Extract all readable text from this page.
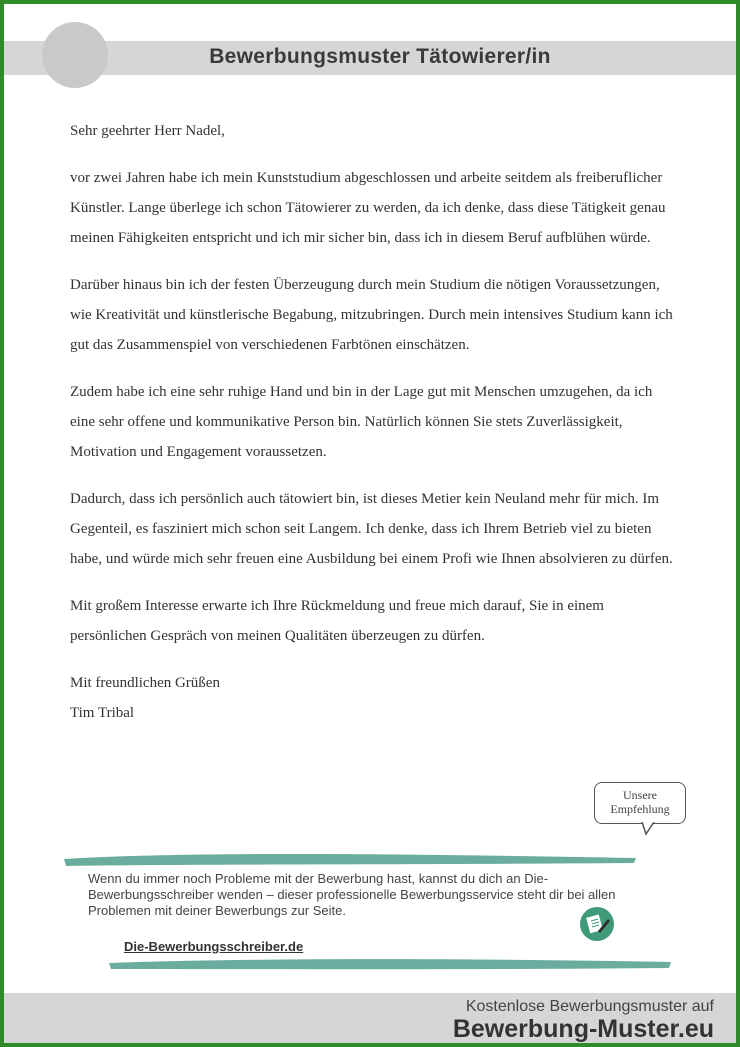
Bewerbungsmuster Tätowierer/in

Sehr geehrter Herr Nadel,

vor zwei Jahren habe ich mein Kunststudium abgeschlossen und arbeite seitdem als freiberuflicher Künstler. Lange überlege ich schon Tätowierer zu werden, da ich denke, dass diese Tätigkeit genau meinen Fähigkeiten entspricht und ich mir sicher bin, dass ich in diesem Beruf aufblühen würde.

Darüber hinaus bin ich der festen Überzeugung durch mein Studium die nötigen Voraussetzungen, wie Kreativität und künstlerische Begabung, mitzubringen. Durch mein intensives Studium kann ich gut das Zusammenspiel von verschiedenen Farbtönen einschätzen.

Zudem habe ich eine sehr ruhige Hand und bin in der Lage gut mit Menschen umzugehen, da ich eine sehr offene und kommunikative Person bin. Natürlich können Sie stets Zuverlässigkeit, Motivation und Engagement voraussetzen.

Dadurch, dass ich persönlich auch tätowiert bin, ist dieses Metier kein Neuland mehr für mich. Im Gegenteil, es fasziniert mich schon seit Langem. Ich denke, dass ich Ihrem Betrieb viel zu bieten habe, und würde mich sehr freuen eine Ausbildung bei einem Profi wie Ihnen absolvieren zu dürfen.

Mit großem Interesse erwarte ich Ihre Rückmeldung und freue mich darauf, Sie in einem persönlichen Gespräch von meinen Qualitäten überzeugen zu dürfen.

Mit freundlichen Grüßen

Tim Tribal

Unsere
Empfehlung
Wenn du immer noch Probleme mit der Bewerbung hast, kannst du dich an Die-Bewerbungsschreiber wenden – dieser professionelle Bewerbungsservice steht dir bei allen Problemen mit deiner Bewerbungs zur Seite.
Die-Bewerbungsschreiber.de
Kostenlose Bewerbungsmuster auf
Bewerbung-Muster.eu
